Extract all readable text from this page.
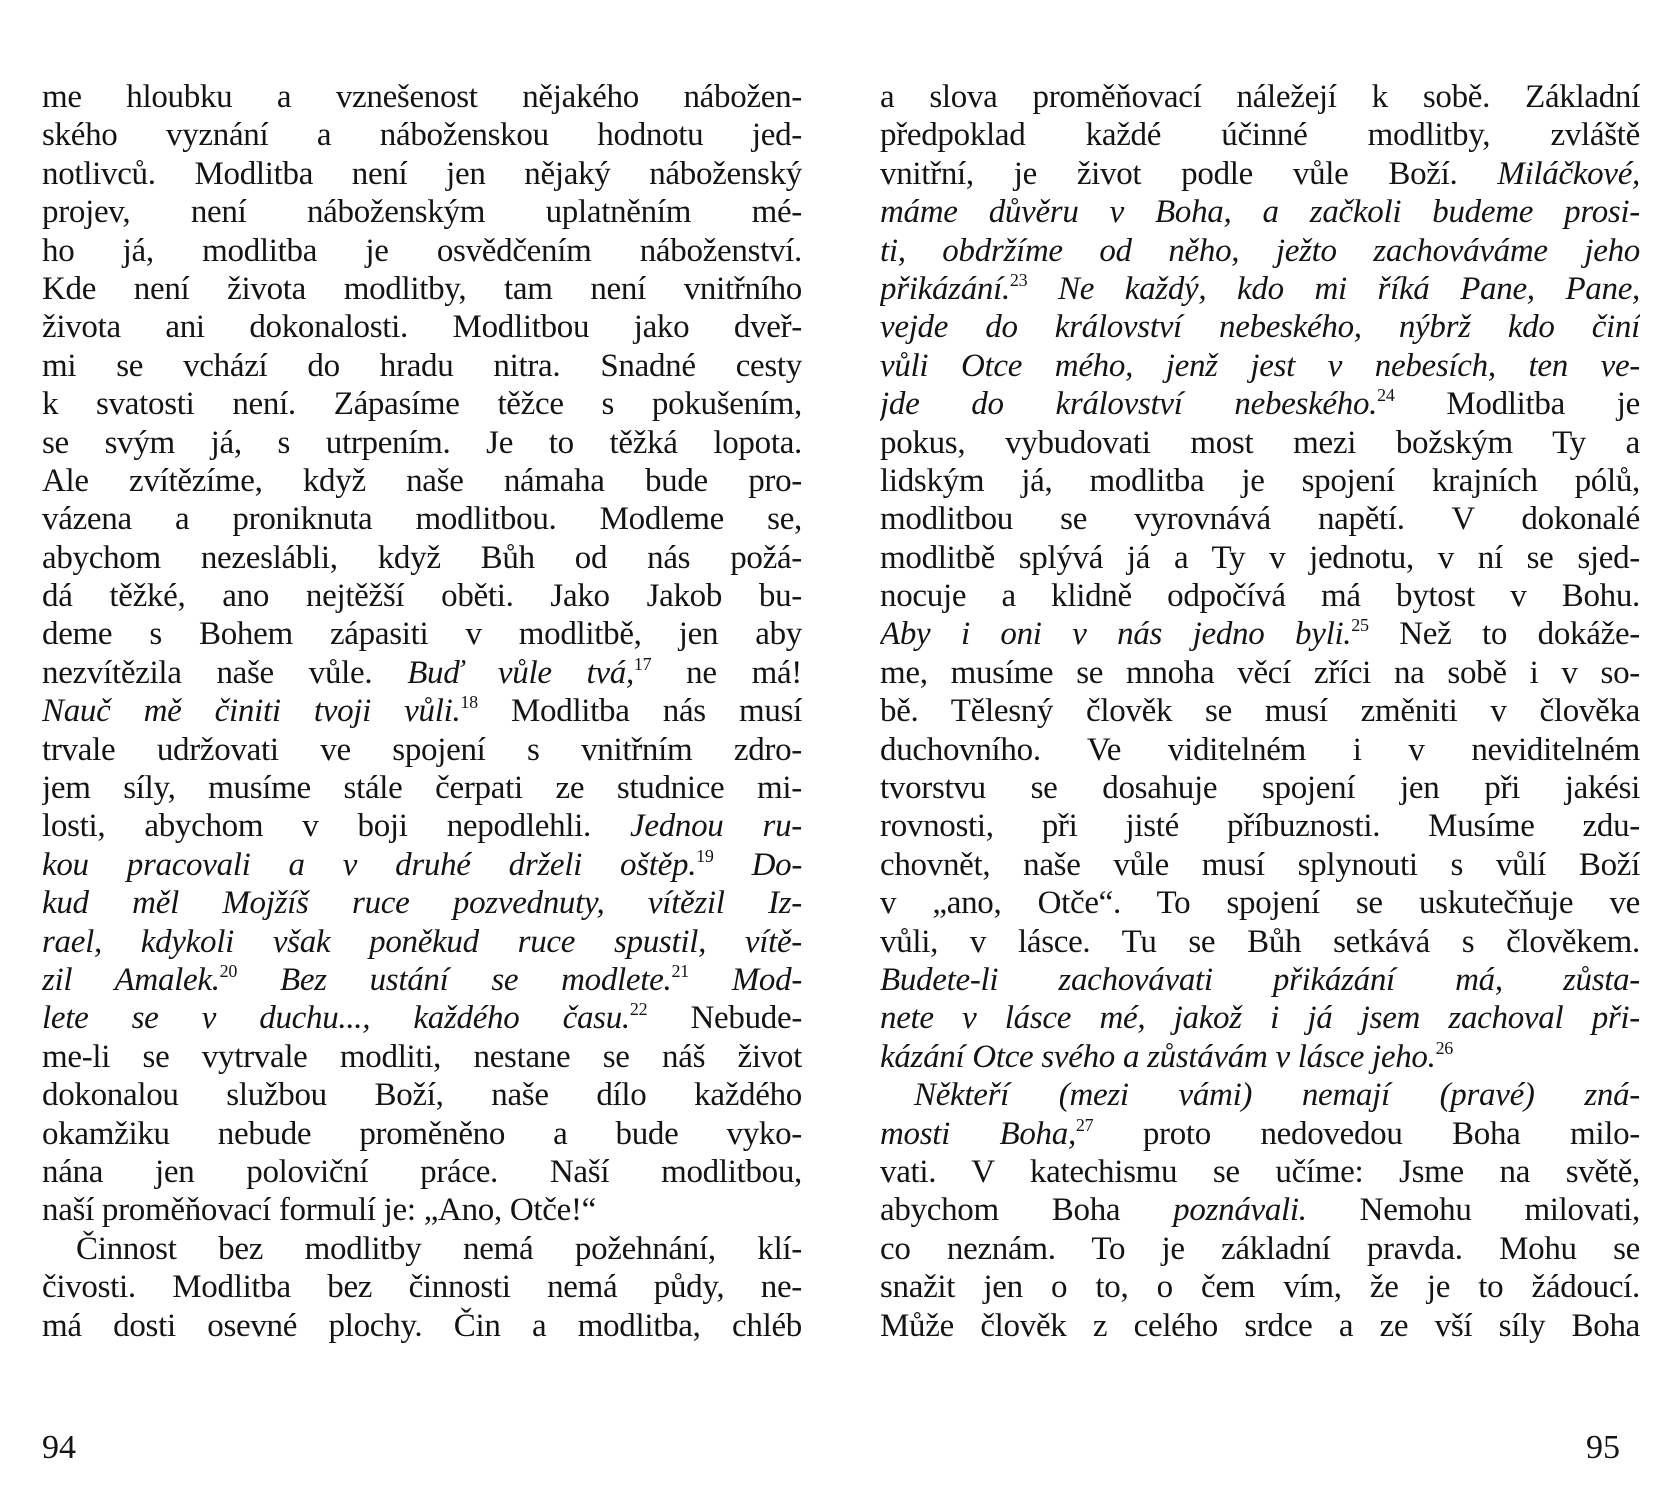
me hloubku a vznešenost nějakého nábožen-
ského vyznání a náboženskou hodnotu jed-
notlivců. Modlitba není jen nějaký náboženský
projev, není náboženským uplatněním mé-
ho já, modlitba je osvědčením náboženství.
Kde není života modlitby, tam není vnitřního
života ani dokonalosti. Modlitbou jako dveř-
mi se vchází do hradu nitra. Snadné cesty
k svatosti není. Zápasíme těžce s pokušením,
se svým já, s utrpením. Je to těžká lopota.
Ale zvítězíme, když naše námaha bude pro-
vázena a proniknuta modlitbou. Modleme se,
abychom nezeslábli, když Bůh od nás požá-
dá těžké, ano nejtěžší oběti. Jako Jakob bu-
deme s Bohem zápasiti v modlitbě, jen aby
nezvítězila naše vůle. Buď vůle tvá,$^{17}$ ne má!
Nauč mě činiti tvoji vůli.$^{18}$ Modlitba nás musí
trvale udržovati ve spojení s vnitřním zdro-
jem síly, musíme stále čerpati ze studnice mi-
losti, abychom v boji nepodlehli. Jednou ru-
kou pracovali a v druhé drželi oštěp.$^{19}$ Do-
kud měl Mojžíš ruce pozvednuty, vítězil Iz-
rael, kdykoli však poněkud ruce spustil, vítě-
zil Amalek.$^{20}$ Bez ustání se modlete.$^{21}$ Mod-
lete se v duchu..., každého času.$^{22}$ Nebude-
me-li se vytrvale modliti, nestane se náš život
dokonalou službou Boží, naše dílo každého
okamžiku nebude proměněno a bude vyko-
nána jen poloviční práce. Naší modlitbou,
naší proměňovací formulí je: „Ano, Otče!“
Činnost bez modlitby nemá požehnání, klí-
čivosti. Modlitba bez činnosti nemá půdy, ne-
má dosti osevné plochy. Čin a modlitba, chléb
94
a slova proměňovací náležejí k sobě. Základní
předpoklad každé účinné modlitby, zvláště
vnitřní, je život podle vůle Boží. Miláčkové,
máme důvěru v Boha, a začkoli budeme prosi-
ti, obdržíme od něho, ježto zachováváme jeho
přikázání.$^{23}$ Ne každý, kdo mi říká Pane, Pane,
vejde do království nebeského, nýbrž kdo činí
vůli Otce mého, jenž jest v nebesích, ten ve-
jde do království nebeského.$^{24}$ Modlitba je
pokus, vybudovati most mezi božským Ty a
lidským já, modlitba je spojení krajních pólů,
modlitbou se vyrovnává napětí. V dokonalé
modlitbě splývá já a Ty v jednotu, v ní se sjed-
nocuje a klidně odpočívá má bytost v Bohu.
Aby i oni v nás jedno byli.$^{25}$ Než to dokáže-
me, musíme se mnoha věcí zříci na sobě i v so-
bě. Tělesný člověk se musí změniti v člověka
duchovního. Ve viditelném i v neviditelném
tvorstvu se dosahuje spojení jen při jakési
rovnosti, při jisté příbuznosti. Musíme zdu-
chovnět, naše vůle musí splynouti s vůlí Boží
v „ano, Otče“. To spojení se uskutečňuje ve
vůli, v lásce. Tu se Bůh setkává s člověkem.
Budete-li zachovávati přikázání má, zůsta-
nete v lásce mé, jakož i já jsem zachoval při-
kázání Otce svého a zůstávám v lásce jeho.$^{26}$
Někteří (mezi vámi) nemají (pravé) zná-
mosti Boha,$^{27}$ proto nedovedou Boha milo-
vati. V katechismu se učíme: Jsme na světě,
abychom Boha poznávali. Nemohu milovati,
co neznám. To je základní pravda. Mohu se
snažit jen o to, o čem vím, že je to žádoucí.
Může člověk z celého srdce a ze vší síly Boha
95
